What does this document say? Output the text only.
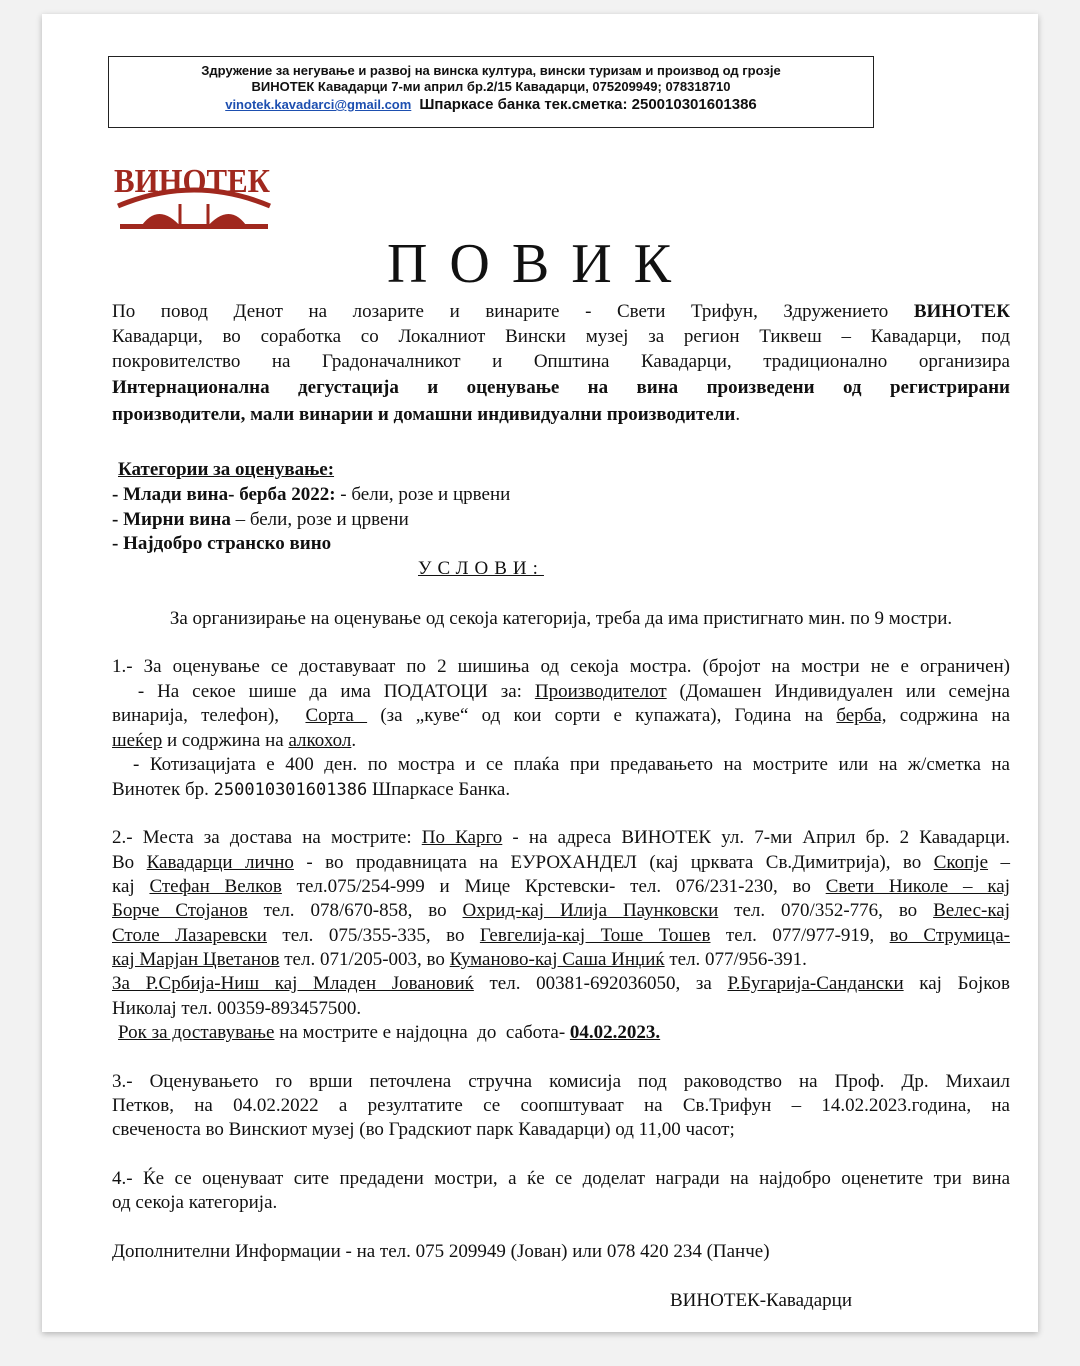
Здружение за негување и развој на винска култура, вински туризам и производ од грозје
ВИНОТЕК Кавадарци 7-ми април бр.2/15 Кавадарци, 075209949; 078318710
vinotek.kavadarci@gmail.com Шпаркасе банка тек.сметка: 250010301601386
ВИНОТЕК
ПОВИК
По повод Денот на лозарите и винарите - Свети Трифун, Здружението ВИНОТЕК
Кавадарци, во соработка со Локалниот Вински музеј за регион Тиквеш – Кавадарци, под
покровителство на Градоначалникот и Општина Кавадарци, традиционално организира
Интернационална дегустација и оценување на вина произведени од регистрирани
производители, мали винарии и домашни индивидуални производители.
Категории за оценување:
- Млади вина- берба 2022: - бели, розе и црвени
- Мирни вина – бели, розе и црвени
- Најдобро странско вино
УСЛОВИ:
За организирање на оценување од секоја категорија, треба да има пристигнато мин. по 9 мостри.
1.- За оценување се доставуваат по 2 шишиња од секоја мостра. (бројот на мостри не е ограничен)
- На секое шише да има ПОДАТОЦИ за: Производителот (Домашен Индивидуален или семејна
винарија, телефон),  Сорта  (за „куве“ од кои сорти е купажата), Година на берба, содржина на
шеќер и содржина на алкохол.
- Котизацијата е 400 ден. по мостра и се плаќа при предавањето на мострите или на ж/сметка на
Винотек бр. 250010301601386 Шпаркасе Банка.
2.- Места за достава на мострите: По Карго - на адреса ВИНОТЕК ул. 7-ми Април бр. 2 Кавадарци.
Во Кавадарци лично - во продавницата на ЕУРОХАНДЕЛ (кај црквата Св.Димитрија), во Скопје –
кај Стефан Велков тел.075/254-999 и Мице Крстевски- тел. 076/231-230, во Свети Николе – кај
Борче Стојанов тел. 078/670-858, во Охрид-кај Илија Паунковски тел. 070/352-776, во Велес-кај
Столе Лазаревски тел. 075/355-335, во Гевгелија-кај Тоше Тошев тел. 077/977-919, во Струмица-
кај Марјан Цветанов тел. 071/205-003, во Куманово-кај Саша Инџиќ тел. 077/956-391.
За Р.Србија-Ниш кај Младен Јовановиќ тел. 00381-692036050, за Р.Бугарија-Сандански кај Бојков
Николај тел. 00359-893457500.
Рок за доставување на мострите е најдоцна  до  сабота- 04.02.2023.
3.- Оценувањето го врши петочлена стручна комисија под раководство на Проф. Др. Михаил
Петков, на 04.02.2022 а резултатите се соопштуваат на Св.Трифун – 14.02.2023.година, на
свеченоста во Винскиот музеј (во Градскиот парк Кавадарци) од 11,00 часот;
4.- Ќе се оценуваат сите предадени мостри, а ќе се доделат награди на најдобро оценетите три вина
од секоја категорија.
Дополнителни Информации - на тел. 075 209949 (Јован) или 078 420 234 (Панче)
ВИНОТЕК-Кавадарци
